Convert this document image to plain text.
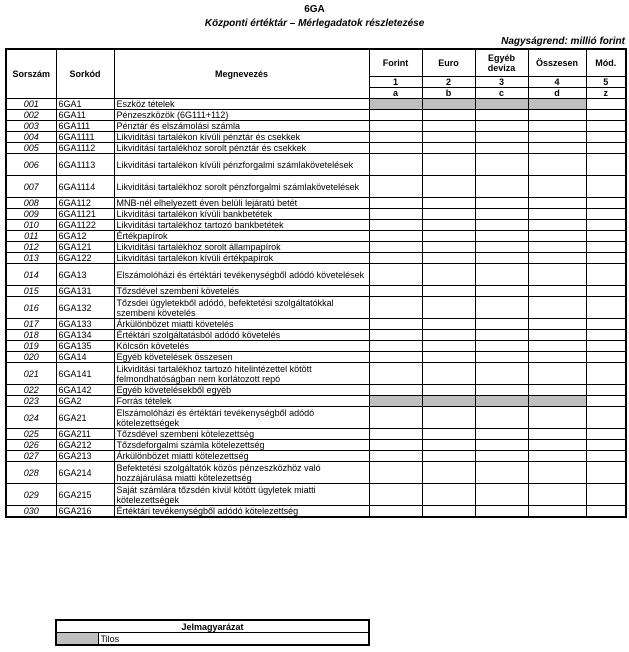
6GA
Központi értéktár – Mérlegadatok részletezése
Nagyságrend: millió forint
Sorszám	Sorkód	Megnevezés	Forint	Euro	Egyéb deviza	Összesen	Mód.
			1	2	3	4	5
			a	b	c	d	z
001	6GA1	Eszköz tételek					
002	6GA11	Pénzeszközök (6G111+112)					
003	6GA111	Pénztár és elszámolási számla					
004	6GA1111	Likviditási tartalékon kívüli pénztár és csekkek					
005	6GA1112	Likviditási tartalékhoz sorolt pénztár és csekkek					
006	6GA1113	Likviditási tartalékon kívüli pénzforgalmi számlakövetelések					
007	6GA1114	Likviditási tartalékhoz sorolt pénzforgalmi számlakövetelések					
008	6GA112	MNB-nél elhelyezett éven belüli lejáratú betét					
009	6GA1121	Likviditási tartalékon kívüli bankbetétek					
010	6GA1122	Likviditási tartalékhoz tartozó bankbetétek					
011	6GA12	Értékpapírok					
012	6GA121	Likviditási tartalékhoz sorolt állampapírok					
013	6GA122	Likviditási tartalékon kívüli értékpapírok					
014	6GA13	Elszámolóházi és értéktári tevékenységből adódó követelések					
015	6GA131	Tőzsdével szembeni követelés					
016	6GA132	Tőzsdei ügyletekből adódó, befektetési szolgáltatókkal szembeni követelés					
017	6GA133	Árkülönbözet miatti követelés					
018	6GA134	Értéktári szolgáltatásból adódó követelés					
019	6GA135	Kölcsön követelés					
020	6GA14	Egyéb követelések összesen					
021	6GA141	Likviditási tartalékhoz tartozó hitelintézettel kötött felmondhatóságban nem korlátozott repó					
022	6GA142	Egyéb követelésekből egyéb					
023	6GA2	Forrás tételek					
024	6GA21	Elszámolóházi és értéktári tevékenységből adódó kötelezettségek					
025	6GA211	Tőzsdével szembeni kötelezettség					
026	6GA212	Tőzsdeforgalmi számla kötelezettség					
027	6GA213	Árkülönbözet miatti kötelezettség					
028	6GA214	Befektetési szolgáltatók közös pénzeszközhöz való hozzájárulása miatti kötelezettség					
029	6GA215	Saját számlára tőzsdén kívül kötött ügyletek miatti kötelezettségek					
030	6GA216	Értéktári tevékenységből adódó kötelezettség					
Jelmagyarázat
	Tilos
